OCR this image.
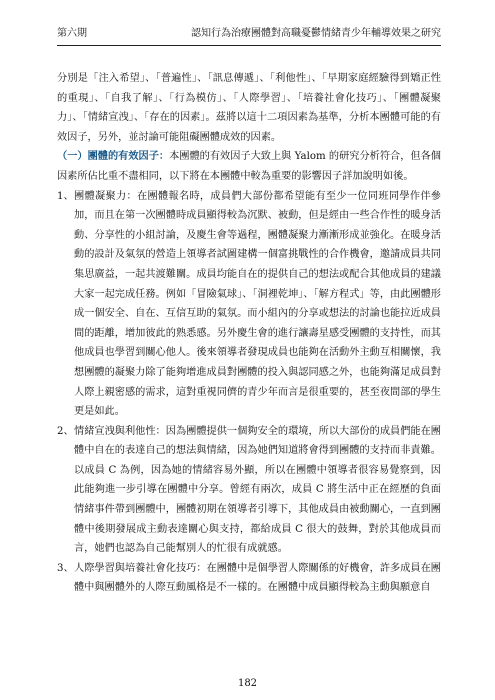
第六期	認知行為治療團體對高職憂鬱情緒青少年輔導效果之研究

分別是「注入希望」、「普遍性」、「訊息傳遞」、「利他性」、「早期家庭經驗得到矯正性的重現」、「自我了解」、「行為模仿」、「人際學習」、「培養社會化技巧」、「團體凝聚力」、「情緒宣洩」、「存在的因素」。茲將以這十二項因素為基準，分析本團體可能的有效因子，另外，並討論可能阻礙團體成效的因素。

（一）團體的有效因子：本團體的有效因子大致上與 Yalom 的研究分析符合，但各個因素所佔比重不盡相同，以下將在本團體中較為重要的影響因子詳加說明如後。

1、 團體凝聚力：在團體報名時，成員們大部份都希望能有至少一位同班同學作伴參加，而且在第一次團體時成員顯得較為沉默、被動，但是經由一些合作性的暖身活動、分享性的小組討論，及慶生會等過程，團體凝聚力漸漸形成並強化。在暖身活動的設計及氣氛的營造上領導者試圖建構一個富挑戰性的合作機會，邀請成員共同集思廣益，一起共渡難關。成員均能自在的提供自己的想法或配合其他成員的建議大家一起完成任務。例如「冒險氣球」、「洞裡乾坤」、「解方程式」等，由此團體形成一個安全、自在、互信互助的氣氛。而小組內的分享或想法的討論也能拉近成員間的距離，增加彼此的熟悉感。另外慶生會的進行讓壽星感受團體的支持性，而其他成員也學習到關心他人。後來領導者發現成員也能夠在活動外主動互相關懷，我想團體的凝聚力除了能夠增進成員對團體的投入與認同感之外，也能夠滿足成員對人際上親密感的需求，這對重視同儕的青少年而言是很重要的，甚至夜間部的學生更是如此。

2、 情緒宣洩與利他性：因為團體提供一個夠安全的環境，所以大部份的成員們能在團體中自在的表達自己的想法與情緒，因為她們知道將會得到團體的支持而非責難。以成員 C 為例，因為她的情緒容易外顯，所以在團體中領導者很容易覺察到，因此能夠進一步引導在團體中分享。曾經有兩次，成員 C 將生活中正在經歷的負面情緒事件帶到團體中，團體初期在領導者引導下，其他成員由被動關心，一直到團體中後期發展成主動表達關心與支持，都給成員 C 很大的鼓舞，對於其他成員而言，她們也認為自己能幫別人的忙很有成就感。

3、 人際學習與培養社會化技巧：在團體中是個學習人際關係的好機會，許多成員在團體中與團體外的人際互動風格是不一樣的。在團體中成員顯得較為主動與願意自

182
